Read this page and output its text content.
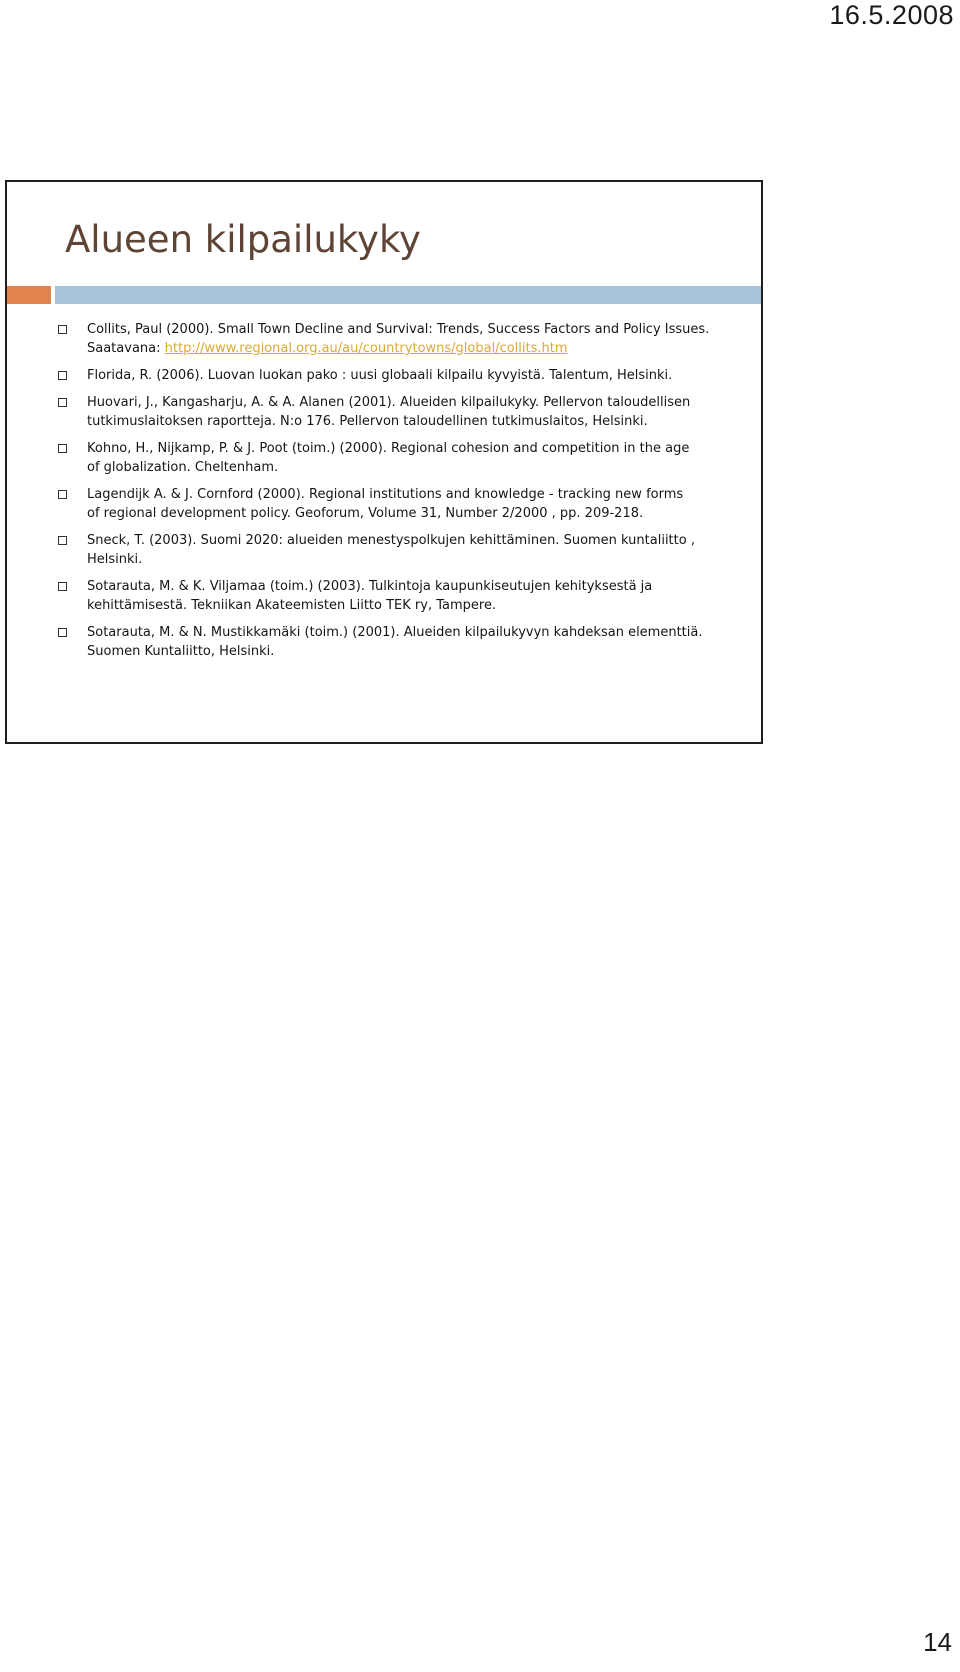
16.5.2008
Alueen kilpailukyky
Collits, Paul (2000). Small Town Decline and Survival: Trends, Success Factors and Policy Issues.
Saatavana: http://www.regional.org.au/au/countrytowns/global/collits.htm
Florida, R. (2006). Luovan luokan pako : uusi globaali kilpailu kyvyistä. Talentum, Helsinki.
Huovari, J., Kangasharju, A. & A. Alanen (2001). Alueiden kilpailukyky. Pellervon taloudellisen
tutkimuslaitoksen raportteja. N:o 176. Pellervon taloudellinen tutkimuslaitos, Helsinki.
Kohno, H., Nijkamp, P. & J. Poot (toim.) (2000). Regional cohesion and competition in the age
of globalization. Cheltenham.
Lagendijk A. & J. Cornford (2000). Regional institutions and knowledge - tracking new forms
of regional development policy. Geoforum, Volume 31, Number 2/2000 , pp. 209-218.
Sneck, T. (2003). Suomi 2020: alueiden menestyspolkujen kehittäminen. Suomen kuntaliitto ,
Helsinki.
Sotarauta, M. & K. Viljamaa (toim.) (2003). Tulkintoja kaupunkiseutujen kehityksestä ja
kehittämisestä. Tekniikan Akateemisten Liitto TEK ry, Tampere.
Sotarauta, M. & N. Mustikkamäki (toim.) (2001). Alueiden kilpailukyvyn kahdeksan elementtiä.
Suomen Kuntaliitto, Helsinki.
14
